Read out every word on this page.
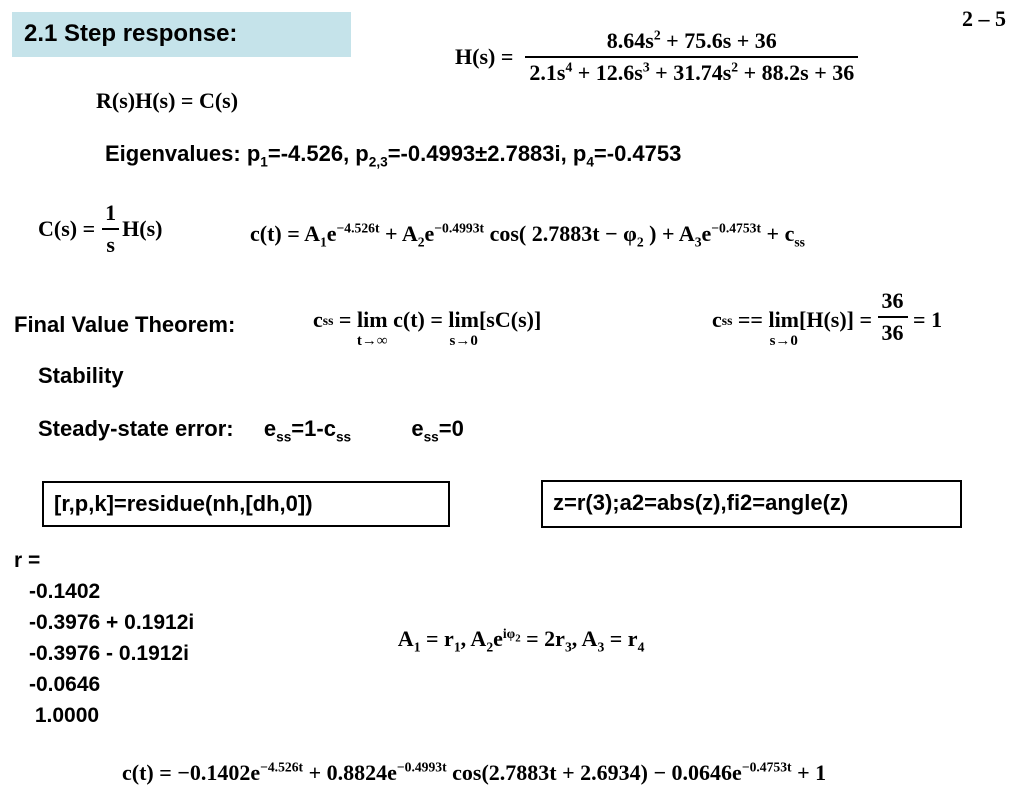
2 – 5
2.1 Step response:
$H(s) = \frac{8.64s^2 + 75.6s + 36}{2.1s^4 + 12.6s^3 + 31.74s^2 + 88.2s + 36}$
R(s)H(s) = C(s)
Eigenvalues: $p_1=-4.526$, $p_{2,3}=-0.4993\pm 2.7883i$, $p_4=-0.4753$
$C(s) = \frac{1}{s} H(s)$	$c(t) = A_1e^{-4.526t} + A_2e^{-0.4993t}$ cos( $2.7883t - \varphi_2$ ) + $A_3e^{-0.4753t} + c_{ss}$
Final Value Theorem:	c ss = lim
t→∞
c(t) = lim
s→0
[sC(s)]	c ss == lim
s→0
$[H(s)] = \frac{36}{36} = 1$
Stability
Steady-state error: $e_{ss}=1-c_{ss}$	$e_{ss}=0$
[r,p,k]=residue(nh,[dh,0])	z=r(3);a2=abs(z),fi2=angle(z)
r =
-0.1402
-0.3976 + 0.1912i
-0.3976 - 0.1912i
-0.0646
1.0000

$A_1 = r_1$, $A_2e^{i\varphi_2} = 2r_3$, $A_3 = r_4$

$c(t) = -0.1402e^{-4.526t} + 0.8824e^{-0.4993t}$ $\cos(2.7883t + 2.6934) - 0.0646e^{-0.4753t} + 1$
